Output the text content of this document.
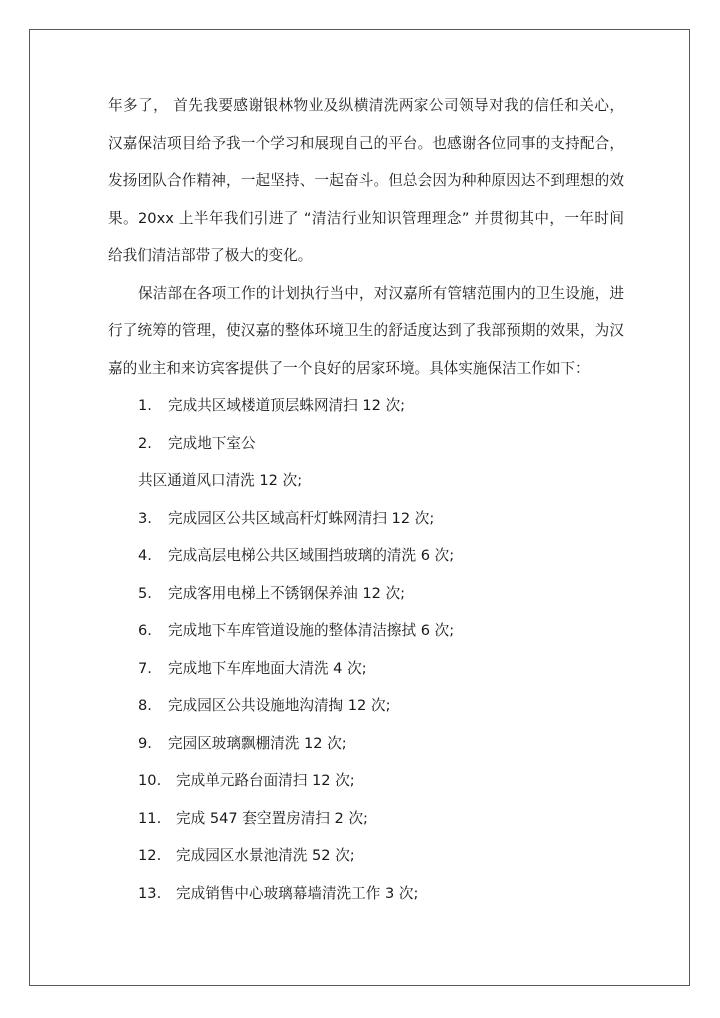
年多了， 首先我要感谢银林物业及纵横清洗两家公司领导对我的信任和关心，
汉嘉保洁项目给予我一个学习和展现自己的平台。也感谢各位同事的支持配合，
发扬团队合作精神，一起坚持、一起奋斗。但总会因为种种原因达不到理想的效
果。20xx 上半年我们引进了 “清洁行业知识管理理念” 并贯彻其中，一年时间
给我们清洁部带了极大的变化。
保洁部在各项工作的计划执行当中，对汉嘉所有管辖范围内的卫生设施，进
行了统筹的管理，使汉嘉的整体环境卫生的舒适度达到了我部预期的效果，为汉
嘉的业主和来访宾客提供了一个良好的居家环境。具体实施保洁工作如下：
1. 完成共区域楼道顶层蛛网清扫 12 次;
2. 完成地下室公
共区通道风口清洗 12 次;
3. 完成园区公共区域高杆灯蛛网清扫 12 次;
4. 完成高层电梯公共区域围挡玻璃的清洗 6 次;
5. 完成客用电梯上不锈钢保养油 12 次;
6. 完成地下车库管道设施的整体清洁擦拭 6 次;
7. 完成地下车库地面大清洗 4 次;
8. 完成园区公共设施地沟清掏 12 次;
9. 完园区玻璃飘棚清洗 12 次;
10. 完成单元路台面清扫 12 次;
11. 完成 547 套空置房清扫 2 次;
12. 完成园区水景池清洗 52 次;
13. 完成销售中心玻璃幕墙清洗工作 3 次;
